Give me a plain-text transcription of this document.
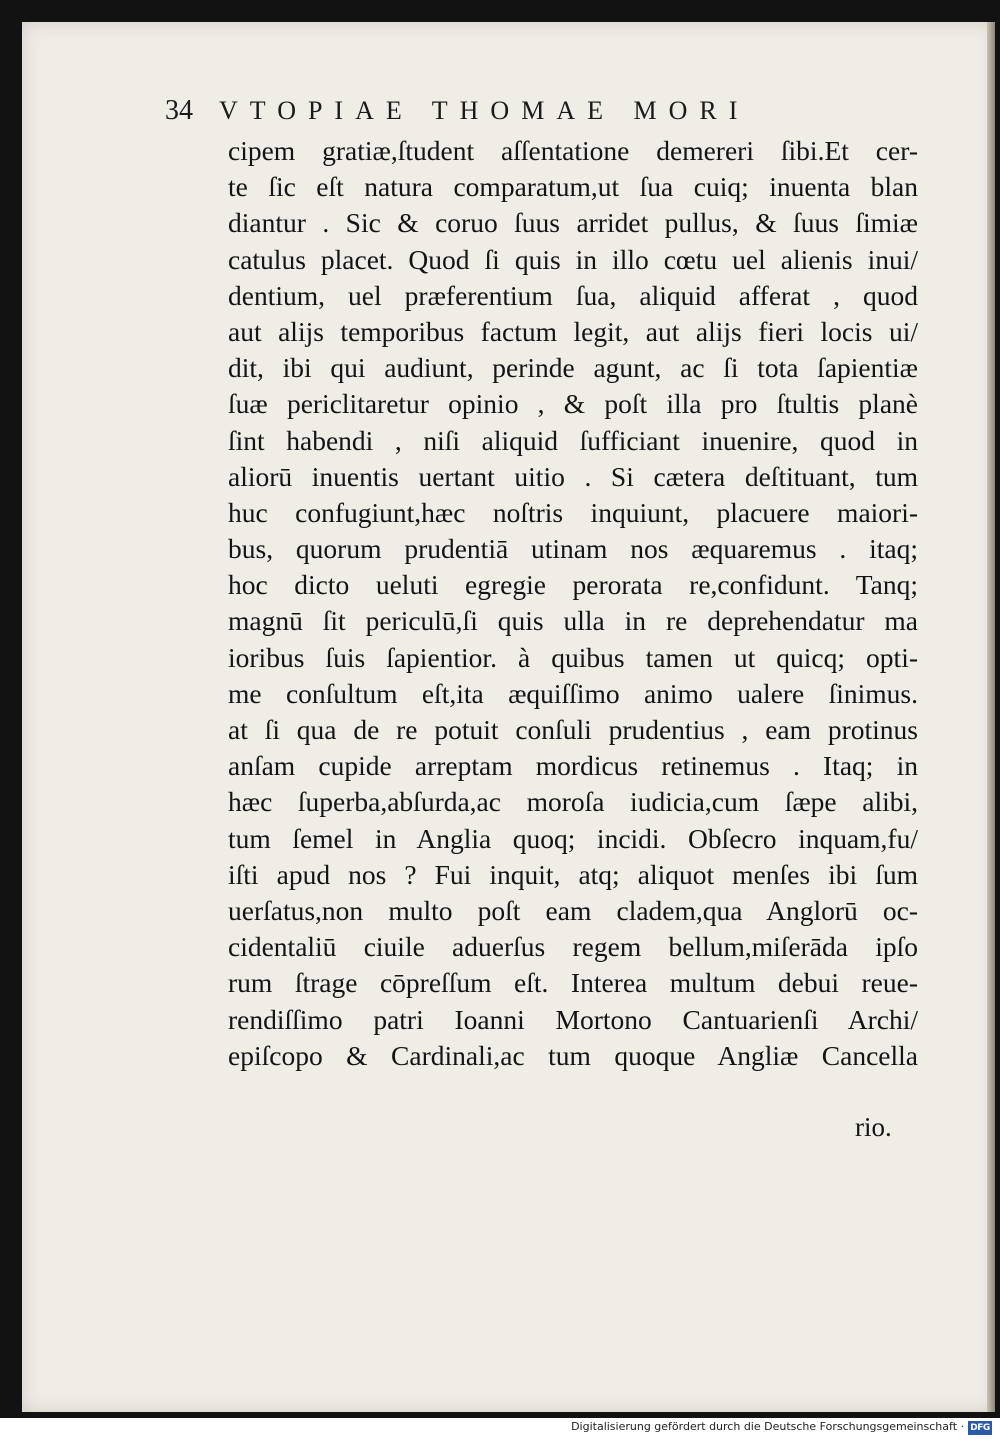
34 VTOPIAE THOMAE MORI
cipem gratiæ,ſtudent aſſentatione demereri ſibi.Et cer-
te ſic eſt natura comparatum,ut ſua cuiq; inuenta blan
diantur . Sic & coruo ſuus arridet pullus, & ſuus ſimiæ
catulus placet. Quod ſi quis in illo cœtu uel alienis inui/
dentium, uel præferentium ſua, aliquid afferat , quod
aut alijs temporibus factum legit, aut alijs fieri locis ui/
dit, ibi qui audiunt, perinde agunt, ac ſi tota ſapientiæ
ſuæ periclitaretur opinio , & poſt illa pro ſtultis planè
ſint habendi , niſi aliquid ſufficiant inuenire, quod in
aliorū inuentis uertant uitio . Si cætera deſtituant, tum
huc confugiunt,hæc noſtris inquiunt, placuere maiori-
bus, quorum prudentiā utinam nos æquaremus . itaq;
hoc dicto ueluti egregie perorata re,confidunt. Tanq;
magnū ſit periculū,ſi quis ulla in re deprehendatur ma
ioribus ſuis ſapientior. à quibus tamen ut quicq; opti-
me conſultum eſt,ita æquiſſimo animo ualere ſinimus.
at ſi qua de re potuit conſuli prudentius , eam protinus
anſam cupide arreptam mordicus retinemus . Itaq; in
hæc ſuperba,abſurda,ac moroſa iudicia,cum ſæpe alibi,
tum ſemel in Anglia quoq; incidi. Obſecro inquam,fu/
iſti apud nos ? Fui inquit, atq; aliquot menſes ibi ſum
uerſatus,non multo poſt eam cladem,qua Anglorū oc-
cidentaliū ciuile aduerſus regem bellum,miſerāda ipſo
rum ſtrage cōpreſſum eſt. Interea multum debui reue-
rendiſſimo patri Ioanni Mortono Cantuarienſi Archi/
epiſcopo & Cardinali,ac tum quoque Angliæ Cancella
rio.
Digitalisierung gefördert durch die Deutsche Forschungsgemeinschaft · DFG
